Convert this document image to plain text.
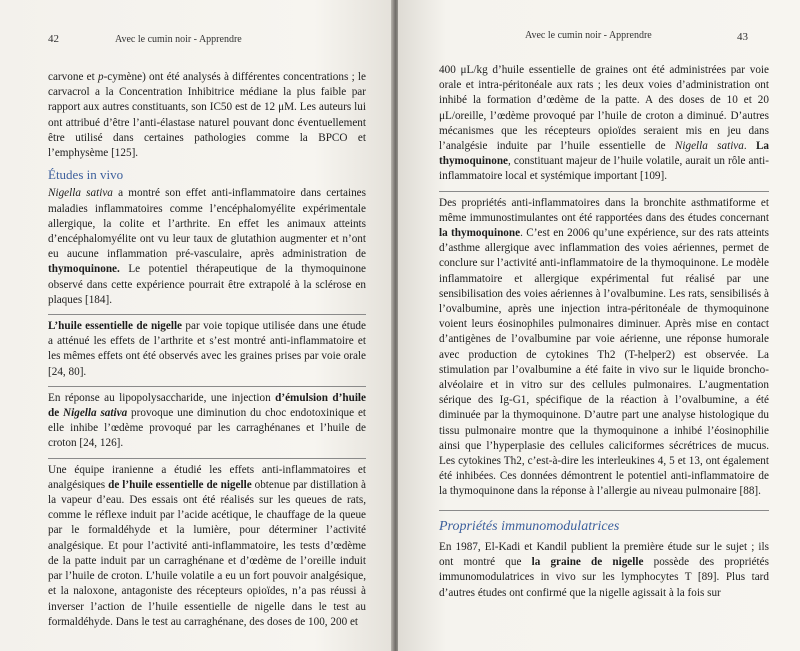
42	Avec le cumin noir - Apprendre

carvone et p-cymène) ont été analysés à différentes concentrations ; le carvacrol a la Concentration Inhibitrice médiane la plus faible par rapport aux autres constituants, son IC50 est de 12 μM. Les auteurs lui ont attribué d’être l’anti-élastase naturel pouvant donc éventuellement être utilisé dans certaines pathologies comme la BPCO et l’emphysème [125].

Études in vivo

Nigella sativa a montré son effet anti-inflammatoire dans certaines maladies inflammatoires comme l’encéphalomyélite expérimentale allergique, la colite et l’arthrite. En effet les animaux atteints d’encéphalomyélite ont vu leur taux de glutathion augmenter et n’ont eu aucune inflammation pré-vasculaire, après administration de thymoquinone. Le potentiel thérapeutique de la thymoquinone observé dans cette expérience pourrait être extrapolé à la sclérose en plaques [184].

L’huile essentielle de nigelle par voie topique utilisée dans une étude a atténué les effets de l’arthrite et s’est montré anti-inflammatoire et les mêmes effets ont été observés avec les graines prises par voie orale [24, 80].

En réponse au lipopolysaccharide, une injection d’émulsion d’huile de Nigella sativa provoque une diminution du choc endotoxinique et elle inhibe l’œdème provoqué par les carraghénanes et l’huile de croton [24, 126].

Une équipe iranienne a étudié les effets anti-inflammatoires et analgésiques de l’huile essentielle de nigelle obtenue par distillation à la vapeur d’eau. Des essais ont été réalisés sur les queues de rats, comme le réflexe induit par l’acide acétique, le chauffage de la queue par le formaldéhyde et la lumière, pour déterminer l’activité analgésique. Et pour l’activité anti-inflammatoire, les tests d’œdème de la patte induit par un carraghénane et d’œdème de l’oreille induit par l’huile de croton. L’huile volatile a eu un fort pouvoir analgésique, et la naloxone, antagoniste des récepteurs opioïdes, n’a pas réussi à inverser l’action de l’huile essentielle de nigelle dans le test au formaldéhyde. Dans le test au carraghénane, des doses de 100, 200 et

Avec le cumin noir - Apprendre	43

400 μL/kg d’huile essentielle de graines ont été administrées par voie orale et intra-péritonéale aux rats ; les deux voies d’administration ont inhibé la formation d’œdème de la patte. A des doses de 10 et 20 μL/oreille, l’œdème provoqué par l’huile de croton a diminué. D’autres mécanismes que les récepteurs opioïdes seraient mis en jeu dans l’analgésie induite par l’huile essentielle de Nigella sativa. La thymoquinone, constituant majeur de l’huile volatile, aurait un rôle anti-inflammatoire local et systémique important [109].

Des propriétés anti-inflammatoires dans la bronchite asthmatiforme et même immunostimulantes ont été rapportées dans des études concernant la thymoquinone. C’est en 2006 qu’une expérience, sur des rats atteints d’asthme allergique avec inflammation des voies aériennes, permet de conclure sur l’activité anti-inflammatoire de la thymoquinone. Le modèle inflammatoire et allergique expérimental fut réalisé par une sensibilisation des voies aériennes à l’ovalbumine. Les rats, sensibilisés à l’ovalbumine, après une injection intra-péritonéale de thymoquinone voient leurs éosinophiles pulmonaires diminuer. Après mise en contact d’antigènes de l’ovalbumine par voie aérienne, une réponse humorale avec production de cytokines Th2 (T-helper2) est observée. La stimulation par l’ovalbumine a été faite in vivo sur le liquide broncho-alvéolaire et in vitro sur des cellules pulmonaires. L’augmentation sérique des Ig-G1, spécifique de la réaction à l’ovalbumine, a été diminuée par la thymoquinone. D’autre part une analyse histologique du tissu pulmonaire montre que la thymoquinone a inhibé l’éosinophilie ainsi que l’hyperplasie des cellules caliciformes sécrétrices de mucus. Les cytokines Th2, c’est-à-dire les interleukines 4, 5 et 13, ont également été inhibées. Ces données démontrent le potentiel anti-inflammatoire de la thymoquinone dans la réponse à l’allergie au niveau pulmonaire [88].

Propriétés immunomodulatrices

En 1987, El-Kadi et Kandil publient la première étude sur le sujet ; ils ont montré que la graine de nigelle possède des propriétés immunomodulatrices in vivo sur les lymphocytes T [89]. Plus tard d’autres études ont confirmé que la nigelle agissait à la fois sur
